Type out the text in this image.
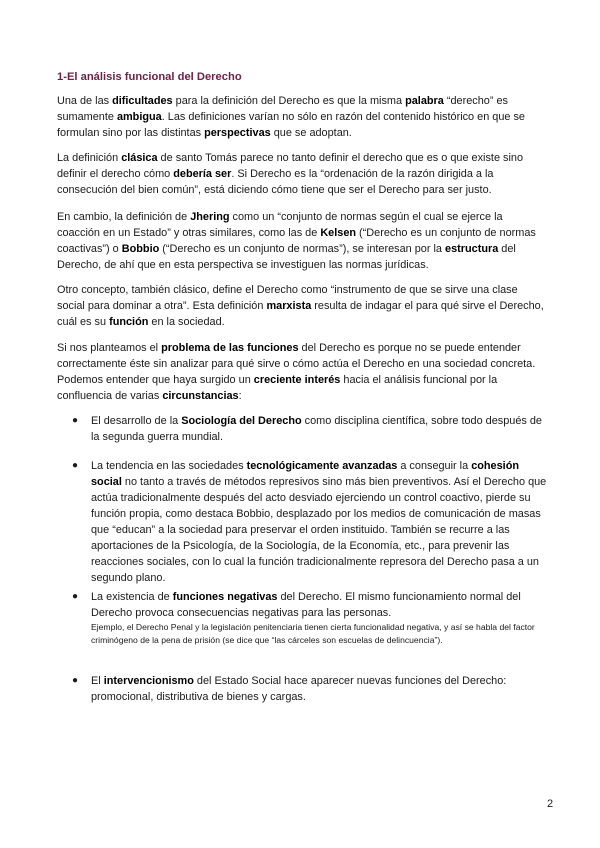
1-El análisis funcional del Derecho

Una de las dificultades para la definición del Derecho es que la misma palabra “derecho” es sumamente ambigua. Las definiciones varían no sólo en razón del contenido histórico en que se formulan sino por las distintas perspectivas que se adoptan.

La definición clásica de santo Tomás parece no tanto definir el derecho que es o que existe sino definir el derecho cómo debería ser. Si Derecho es la “ordenación de la razón dirigida a la consecución del bien común”, está diciendo cómo tiene que ser el Derecho para ser justo.

En cambio, la definición de Jhering como un “conjunto de normas según el cual se ejerce la coacción en un Estado” y otras similares, como las de Kelsen (“Derecho es un conjunto de normas coactivas”) o Bobbio (“Derecho es un conjunto de normas”), se interesan por la estructura del Derecho, de ahí que en esta perspectiva se investiguen las normas jurídicas.

Otro concepto, también clásico, define el Derecho como “instrumento de que se sirve una clase social para dominar a otra”. Esta definición marxista resulta de indagar el para qué sirve el Derecho, cuál es su función en la sociedad.

Si nos planteamos el problema de las funciones del Derecho es porque no se puede entender correctamente éste sin analizar para qué sirve o cómo actúa el Derecho en una sociedad concreta. Podemos entender que haya surgido un creciente interés hacia el análisis funcional por la confluencia de varias circunstancias:

● El desarrollo de la Sociología del Derecho como disciplina científica, sobre todo después de la segunda guerra mundial.

● La tendencia en las sociedades tecnológicamente avanzadas a conseguir la cohesión social no tanto a través de métodos represivos sino más bien preventivos. Así el Derecho que actúa tradicionalmente después del acto desviado ejerciendo un control coactivo, pierde su función propia, como destaca Bobbio, desplazado por los medios de comunicación de masas que “educan” a la sociedad para preservar el orden instituido. También se recurre a las aportaciones de la Psicología, de la Sociología, de la Economía, etc., para prevenir las reacciones sociales, con lo cual la función tradicionalmente represora del Derecho pasa a un segundo plano.

● La existencia de funciones negativas del Derecho. El mismo funcionamiento normal del Derecho provoca consecuencias negativas para las personas.

Ejemplo, el Derecho Penal y la legislación penitenciaria tienen cierta funcionalidad negativa, y así se habla del factor criminógeno de la pena de prisión (se dice que “las cárceles son escuelas de delincuencia”).

● El intervencionismo del Estado Social hace aparecer nuevas funciones del Derecho: promocional, distributiva de bienes y cargas.

2
